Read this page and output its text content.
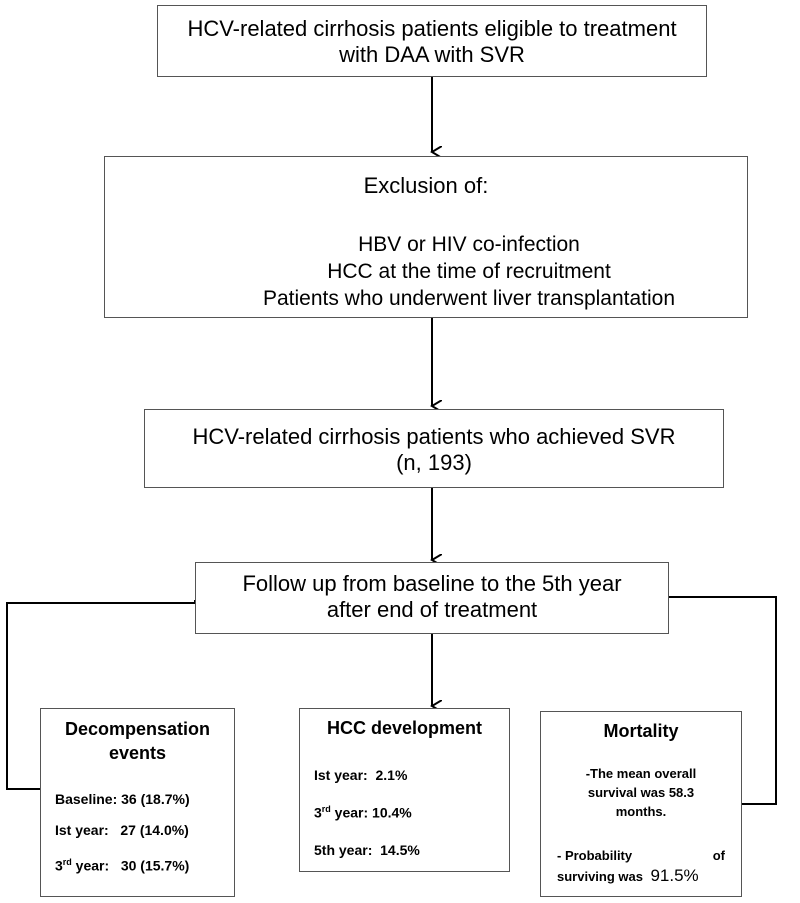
HCV-related cirrhosis patients eligible to treatment
with DAA with SVR
Exclusion of:
HBV or HIV co-infection
HCC at the time of recruitment
Patients who underwent liver transplantation
HCV-related cirrhosis patients who achieved SVR
(n, 193)
Follow up from baseline to the 5th year
after end of treatment
Decompensation
events
Baseline: 36 (18.7%)
Ist year:   27 (14.0%)
3rd year:   30 (15.7%)
HCC development
Ist year:  2.1%
3rd year: 10.4%
5th year:  14.5%
Mortality
-The mean overall
survival was 58.3
months.
- Probability	of
surviving was 91.5%
